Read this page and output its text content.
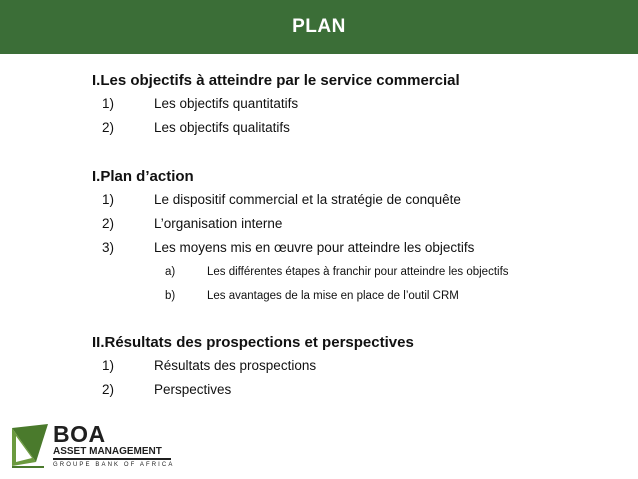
PLAN
I.Les objectifs à atteindre par le service commercial
1)	Les objectifs quantitatifs
2)	Les objectifs qualitatifs
I.Plan d’action
1)	Le dispositif commercial et la stratégie de conquête
2)	L’organisation interne
3)	Les moyens mis en œuvre pour atteindre les objectifs
a)	Les différentes étapes à franchir pour atteindre les objectifs
b)	Les avantages de la mise en place de l’outil CRM
II.Résultats des prospections et perspectives
1)	Résultats des prospections
2)	Perspectives
BOA
ASSET MANAGEMENT
GROUPE BANK OF AFRICA
